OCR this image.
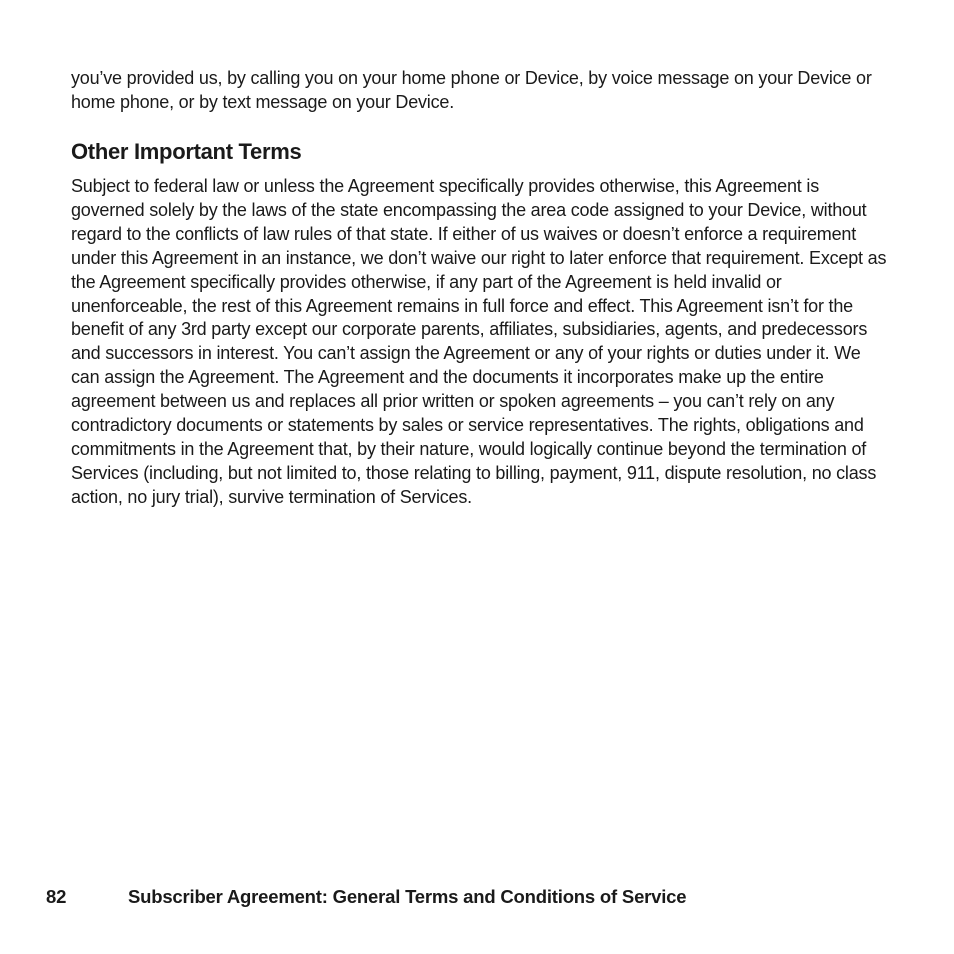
you’ve provided us, by calling you on your home phone or Device, by voice message on your Device or home phone, or by text message on your Device.

Other Important Terms

Subject to federal law or unless the Agreement specifically provides otherwise, this Agreement is governed solely by the laws of the state encompassing the area code assigned to your Device, without regard to the conflicts of law rules of that state. If either of us waives or doesn’t enforce a requirement under this Agreement in an instance, we don’t waive our right to later enforce that requirement. Except as the Agreement specifically provides otherwise, if any part of the Agreement is held invalid or unenforceable, the rest of this Agreement remains in full force and effect. This Agreement isn’t for the benefit of any 3rd party except our corporate parents, affiliates, subsidiaries, agents, and predecessors and successors in interest. You can’t assign the Agreement or any of your rights or duties under it. We can assign the Agreement. The Agreement and the documents it incorporates make up the entire agreement between us and replaces all prior written or spoken agreements – you can’t rely on any contradictory documents or statements by sales or service representatives. The rights, obligations and commitments in the Agreement that, by their nature, would logically continue beyond the termination of Services (including, but not limited to, those relating to billing, payment, 911, dispute resolution, no class action, no jury trial), survive termination of Services.

82	Subscriber Agreement: General Terms and Conditions of Service
